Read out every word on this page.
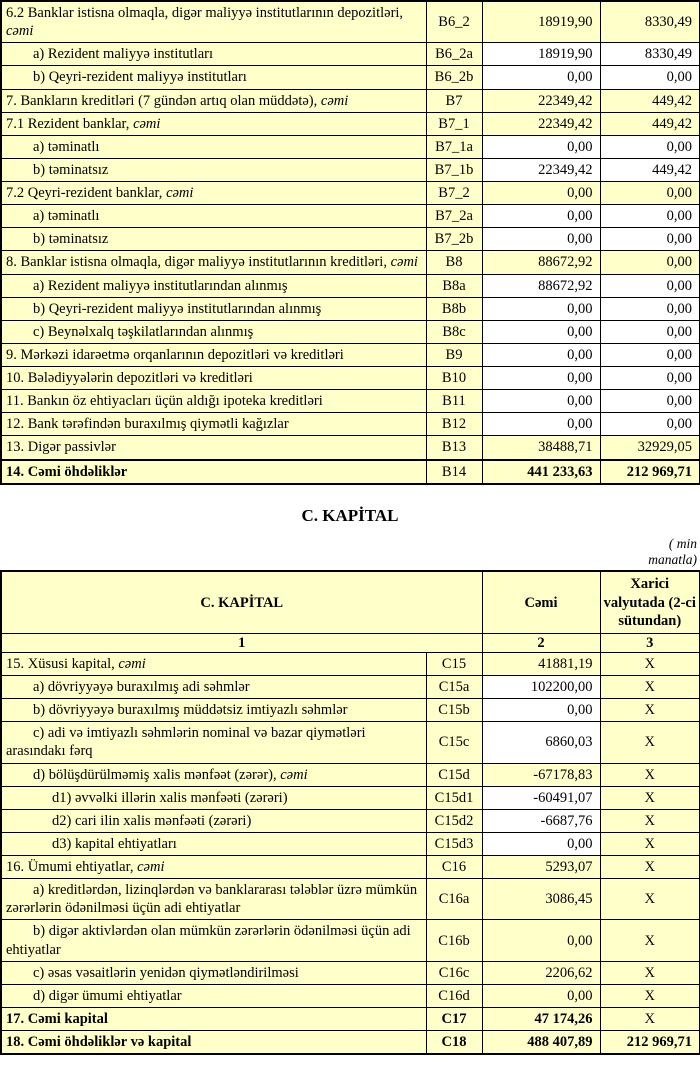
6.2 Banklar istisna olmaqla, digər maliyyə institutlarının depozitləri, cəmi	B6_2	18919,90	8330,49
a) Rezident maliyyə institutları	B6_2a	18919,90	8330,49
b) Qeyri-rezident maliyyə institutları	B6_2b	0,00	0,00
7. Bankların kreditləri (7 gündən artıq olan müddətə), cəmi	B7	22349,42	449,42
7.1 Rezident banklar, cəmi	B7_1	22349,42	449,42
a) təminatlı	B7_1a	0,00	0,00
b) təminatsız	B7_1b	22349,42	449,42
7.2 Qeyri-rezident banklar, cəmi	B7_2	0,00	0,00
a) təminatlı	B7_2a	0,00	0,00
b) təminatsız	B7_2b	0,00	0,00
8. Banklar istisna olmaqla, digər maliyyə institutlarının kreditləri, cəmi	B8	88672,92	0,00
a) Rezident maliyyə institutlarından alınmış	B8a	88672,92	0,00
b) Qeyri-rezident maliyyə institutlarından alınmış	B8b	0,00	0,00
c) Beynəlxalq təşkilatlarından alınmış	B8c	0,00	0,00
9. Mərkəzi idarəetmə orqanlarının depozitləri və kreditləri	B9	0,00	0,00
10. Bələdiyyələrin depozitləri və kreditləri	B10	0,00	0,00
11. Bankın öz ehtiyacları üçün aldığı ipoteka kreditləri	B11	0,00	0,00
12. Bank tərəfindən buraxılmış qiymətli kağızlar	B12	0,00	0,00
13. Digər passivlər	B13	38488,71	32929,05
14. Cəmi öhdəliklər	B14	441 233,63	212 969,71
C. KAPİTAL
( min manatla)
C. KAPİTAL		Cəmi	Xarici valyutada (2-ci sütundan)
1		2	3
15. Xüsusi kapital, cəmi	C15	41881,19	X
a) dövriyyəyə buraxılmış adi səhmlər	C15a	102200,00	X
b) dövriyyəyə buraxılmış müddətsiz imtiyazlı səhmlər	C15b	0,00	X
c) adi və imtiyazlı səhmlərin nominal və bazar qiymətləri arasındakı fərq	C15c	6860,03	X
d) bölüşdürülməmiş xalis mənfəət (zərər), cəmi	C15d	-67178,83	X
d1) əvvəlki illərin xalis mənfəəti (zərəri)	C15d1	-60491,07	X
d2) cari ilin xalis mənfəəti (zərəri)	C15d2	-6687,76	X
d3) kapital ehtiyatları	C15d3	0,00	X
16. Ümumi ehtiyatlar, cəmi	C16	5293,07	X
a) kreditlərdən, lizinqlərdən və banklararası tələblər üzrə mümkün zərərlərin ödənilməsi üçün adi ehtiyatlar	C16a	3086,45	X
b) digər aktivlərdən olan mümkün zərərlərin ödənilməsi üçün adi ehtiyatlar	C16b	0,00	X
c) əsas vəsaitlərin yenidən qiymətləndirilməsi	C16c	2206,62	X
d) digər ümumi ehtiyatlar	C16d	0,00	X
17. Cəmi kapital	C17	47 174,26	X
18. Cəmi öhdəliklər və kapital	C18	488 407,89	212 969,71
